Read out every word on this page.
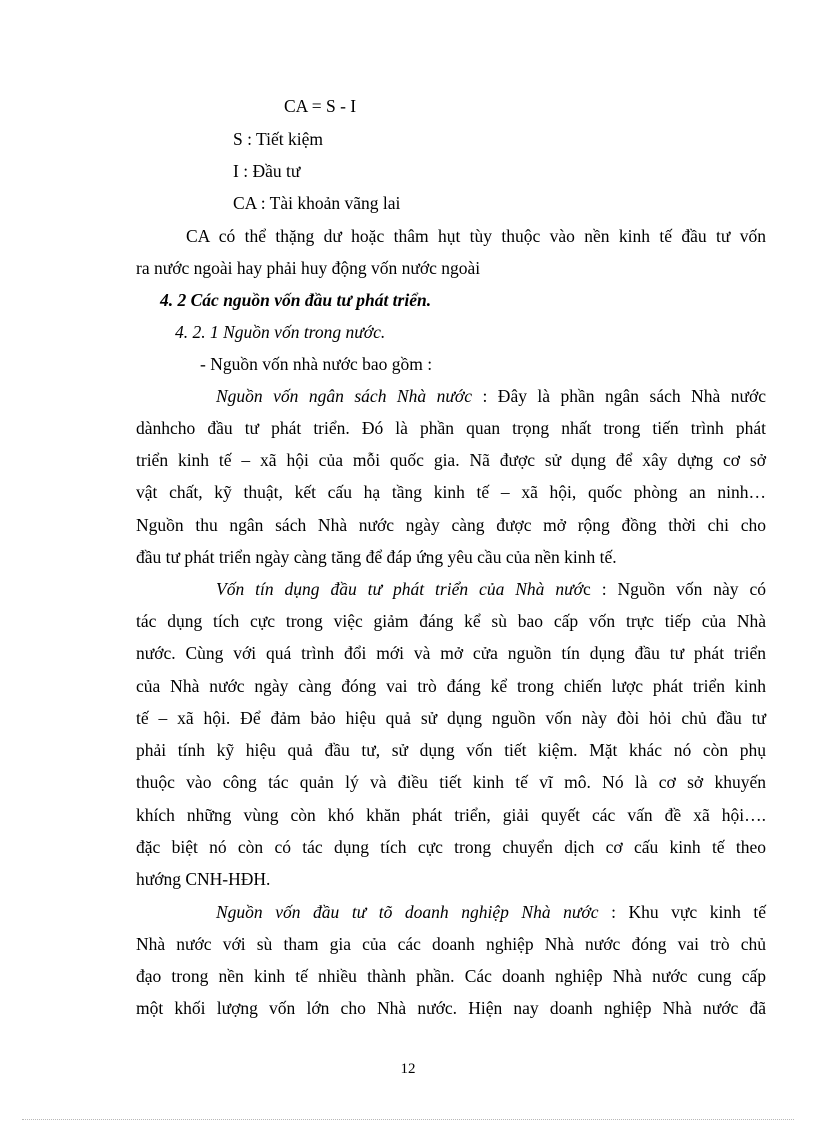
CA = S - I
S : Tiết kiệm
I : Đầu tư
CA : Tài khoản vãng lai
CA có thể thặng dư hoặc thâm hụt tùy thuộc vào nền kinh tế đầu tư vốn
ra nước ngoài hay phải huy động vốn nước ngoài
4. 2 Các nguồn vốn đầu tư phát triển.
4. 2. 1 Nguồn vốn trong nước.
- Nguồn vốn nhà nước bao gồm :
Nguồn vốn ngân sách Nhà nước : Đây là phần ngân sách Nhà nước
dànhcho đầu tư phát triển. Đó là phần quan trọng nhất trong tiến trình phát
triển kinh tế – xã hội của mỗi quốc gia. Nã được sử dụng để xây dựng cơ sở
vật chất, kỹ thuật, kết cấu hạ tầng kinh tế – xã hội, quốc phòng an ninh…
Nguồn thu ngân sách Nhà nước ngày càng được mở rộng đồng thời chi cho
đầu tư phát triển ngày càng tăng để đáp ứng yêu cầu của nền kinh tế.
Vốn tín dụng đầu tư phát triển của Nhà nước : Nguồn vốn này có
tác dụng tích cực trong việc giảm đáng kể sù bao cấp vốn trực tiếp của Nhà
nước. Cùng với quá trình đổi mới và mở cửa nguồn tín dụng đầu tư phát triển
của Nhà nước ngày càng đóng vai trò đáng kể trong chiến lược phát triển kinh
tế – xã hội. Để đảm bảo hiệu quả sử dụng nguồn vốn này đòi hỏi chủ đầu tư
phải tính kỹ hiệu quả đầu tư, sử dụng vốn tiết kiệm. Mặt khác nó còn phụ
thuộc vào công tác quản lý và điều tiết kinh tế vĩ mô. Nó là cơ sở khuyến
khích những vùng còn khó khăn phát triển, giải quyết các vấn đề xã hội….
đặc biệt nó còn có tác dụng tích cực trong chuyển dịch cơ cấu kinh tế theo
hướng CNH-HĐH.
Nguồn vốn đầu tư tõ doanh nghiệp Nhà nước : Khu vực kinh tế
Nhà nước với sù tham gia của các doanh nghiệp Nhà nước đóng vai trò chủ
đạo trong nền kinh tế nhiều thành phần. Các doanh nghiệp Nhà nước cung cấp
một khối lượng vốn lớn cho Nhà nước. Hiện nay doanh nghiệp Nhà nước đã
12
